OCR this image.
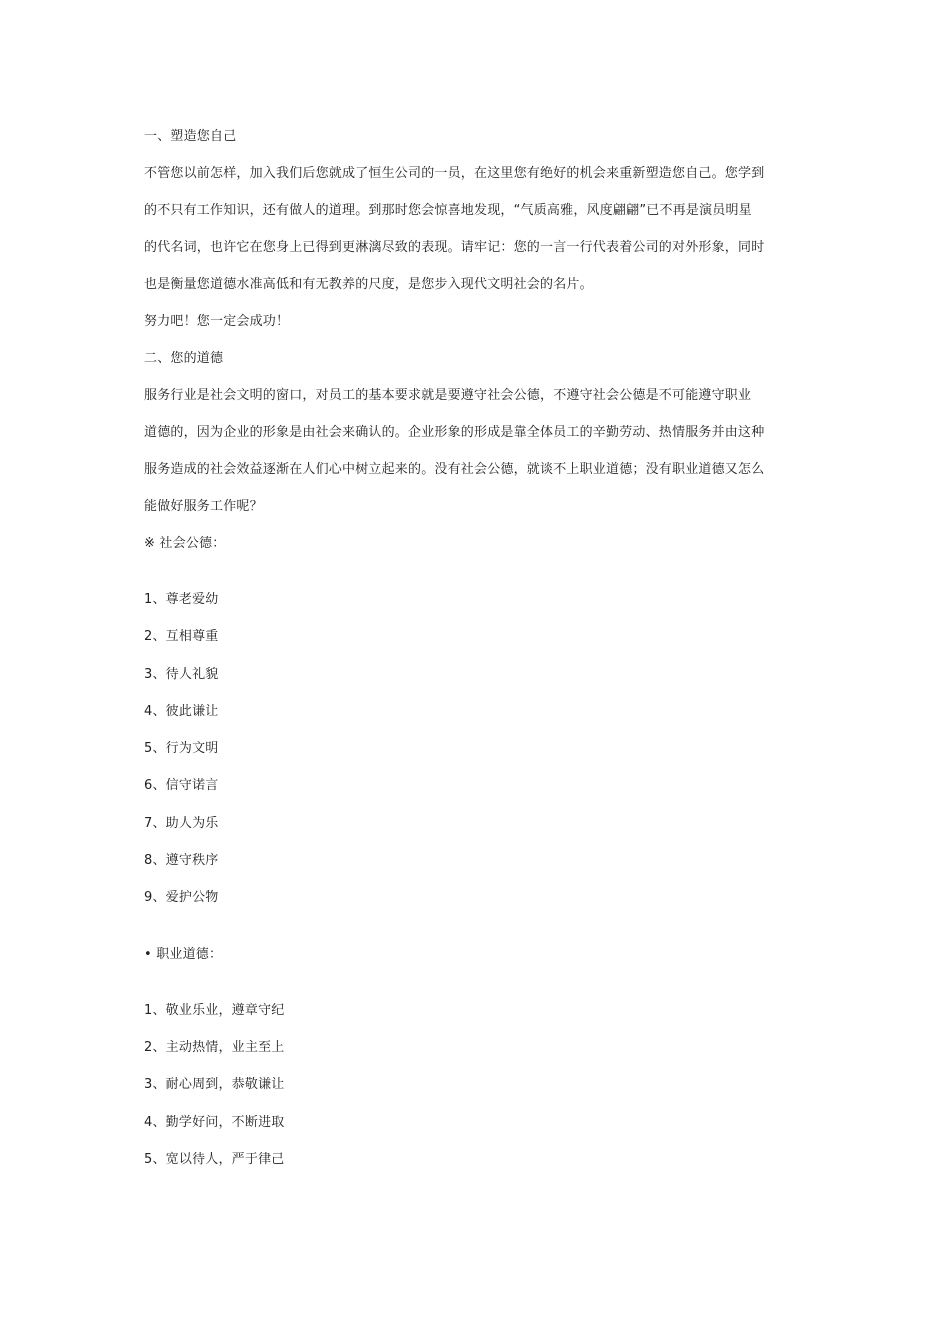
一、塑造您自己
不管您以前怎样，加入我们后您就成了恒生公司的一员，在这里您有绝好的机会来重新塑造您自己。您学到
的不只有工作知识，还有做人的道理。到那时您会惊喜地发现，“气质高雅，风度翩翩”已不再是演员明星
的代名词，也许它在您身上已得到更淋漓尽致的表现。请牢记：您的一言一行代表着公司的对外形象，同时
也是衡量您道德水准高低和有无教养的尺度，是您步入现代文明社会的名片。
努力吧！您一定会成功！
二、您的道德
服务行业是社会文明的窗口，对员工的基本要求就是要遵守社会公德，不遵守社会公德是不可能遵守职业
道德的，因为企业的形象是由社会来确认的。企业形象的形成是靠全体员工的辛勤劳动、热情服务并由这种
服务造成的社会效益逐渐在人们心中树立起来的。没有社会公德，就谈不上职业道德；没有职业道德又怎么
能做好服务工作呢？
※ 社会公德：
1、尊老爱幼
2、互相尊重
3、待人礼貌
4、彼此谦让
5、行为文明
6、信守诺言
7、助人为乐
8、遵守秩序
9、爱护公物
• 职业道德：
1、敬业乐业，遵章守纪
2、主动热情，业主至上
3、耐心周到，恭敬谦让
4、勤学好问，不断进取
5、宽以待人，严于律己
